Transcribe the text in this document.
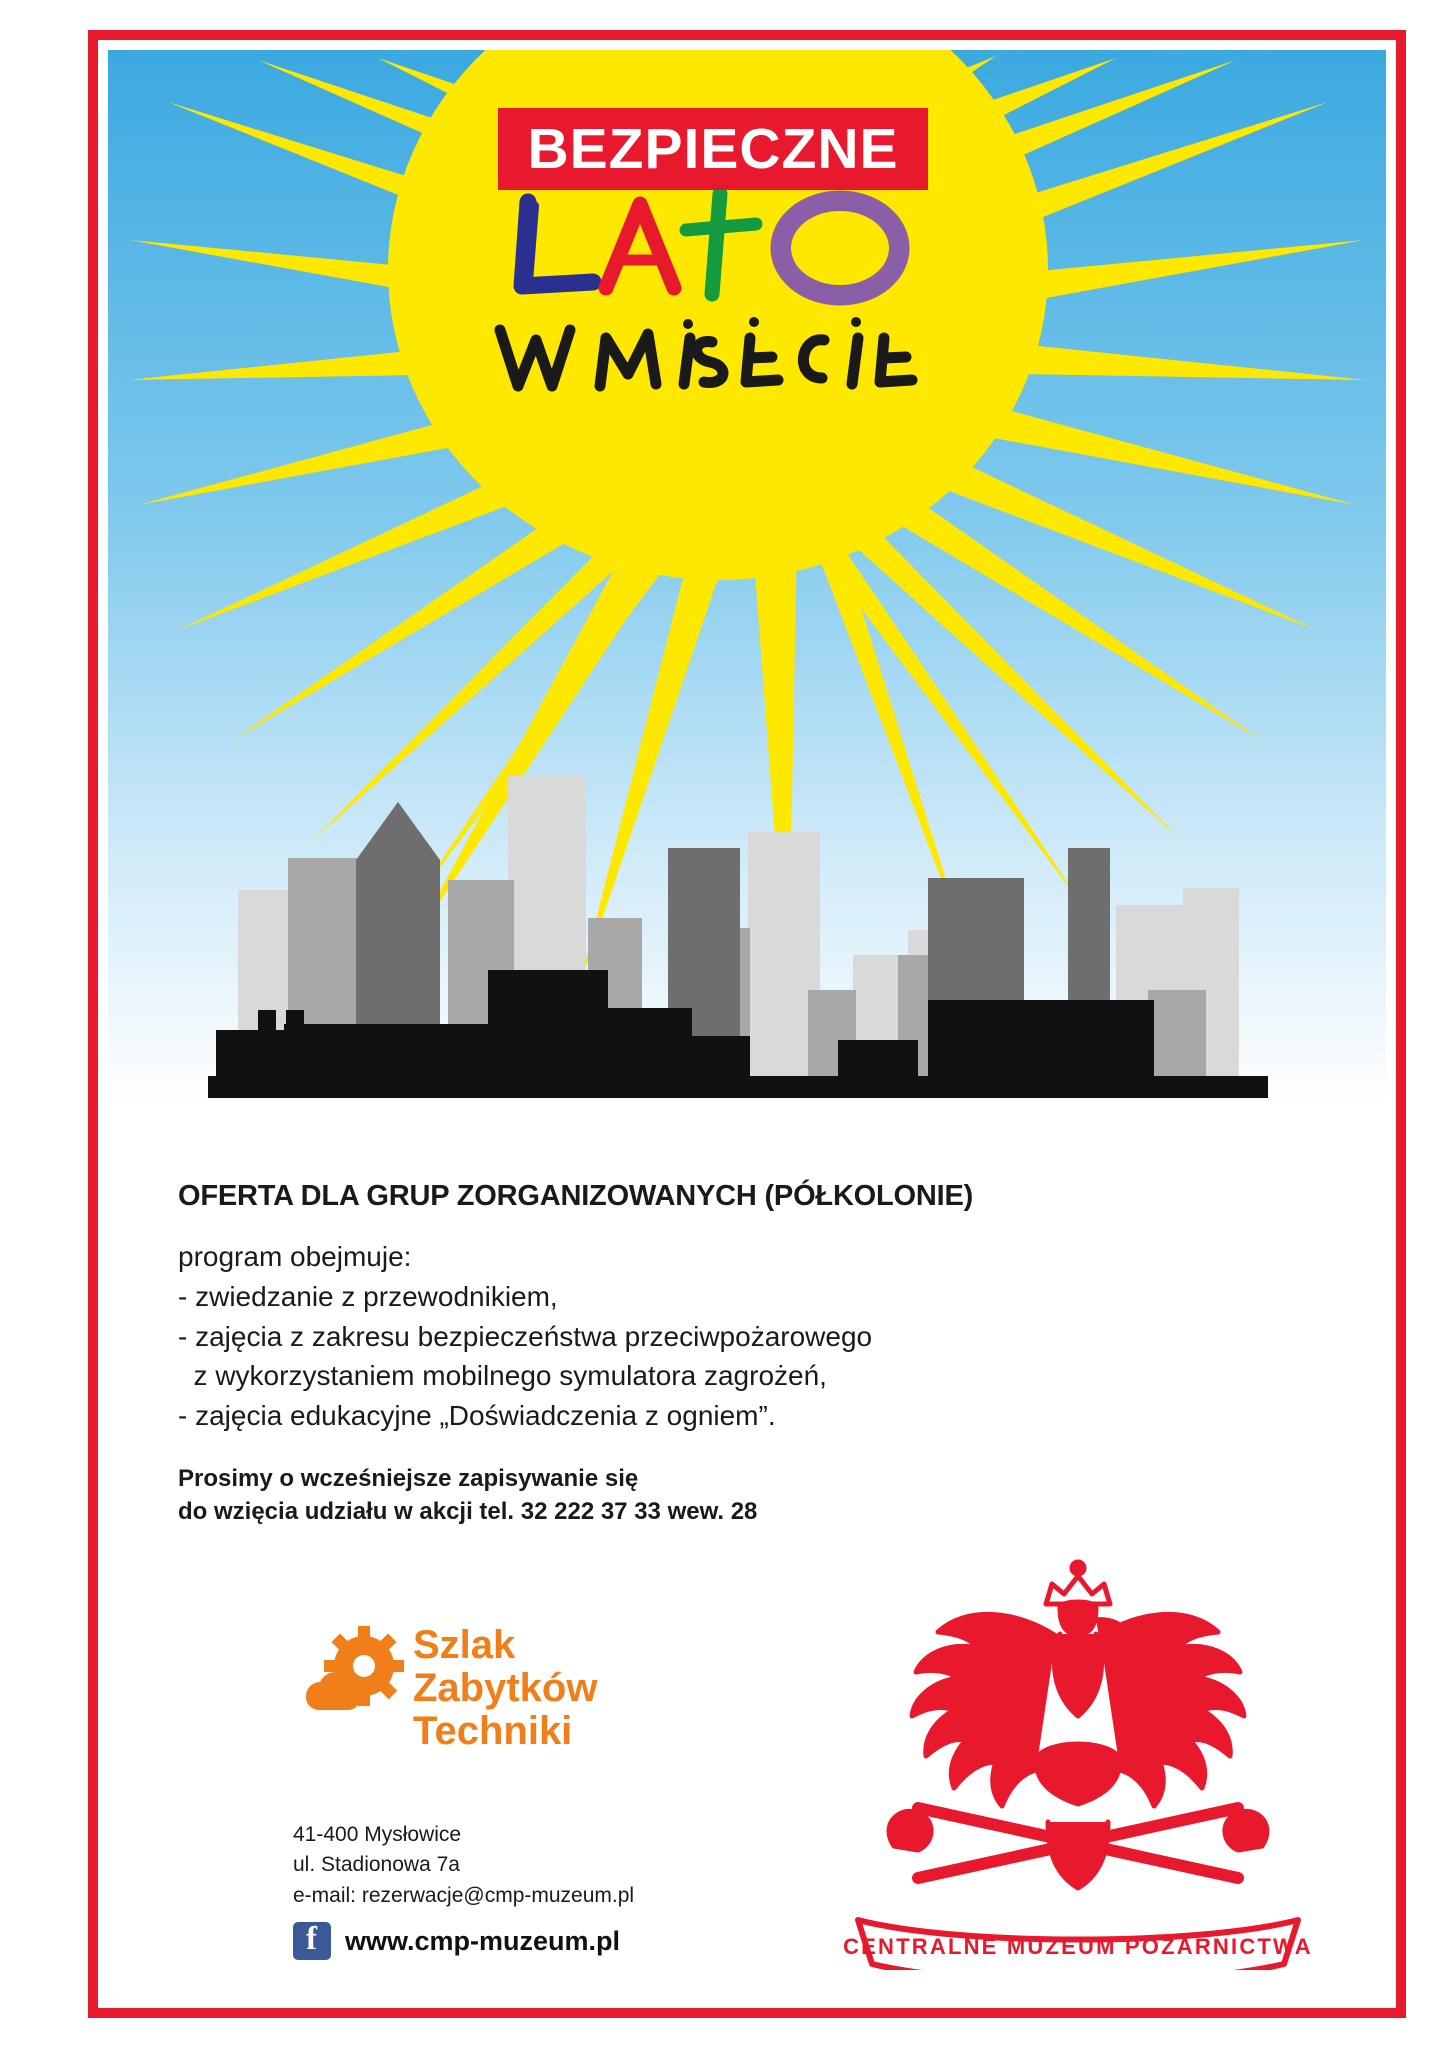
BEZPIECZNE
OFERTA DLA GRUP ZORGANIZOWANYCH (PÓŁKOLONIE)
program obejmuje:
- zwiedzanie z przewodnikiem,
- zajęcia z zakresu bezpieczeństwa przeciwpożarowego
z wykorzystaniem mobilnego symulatora zagrożeń,
- zajęcia edukacyjne „Doświadczenia z ogniem”.
Prosimy o wcześniejsze zapisywanie się
do wzięcia udziału w akcji tel. 32 222 37 33 wew. 28
Szlak
Zabytków
Techniki
CENTRALNE MUZEUM POŻARNICTWA
41-400 Mysłowice
ul. Stadionowa 7a
e-mail: rezerwacje@cmp-muzeum.pl
f
www.cmp-muzeum.pl
